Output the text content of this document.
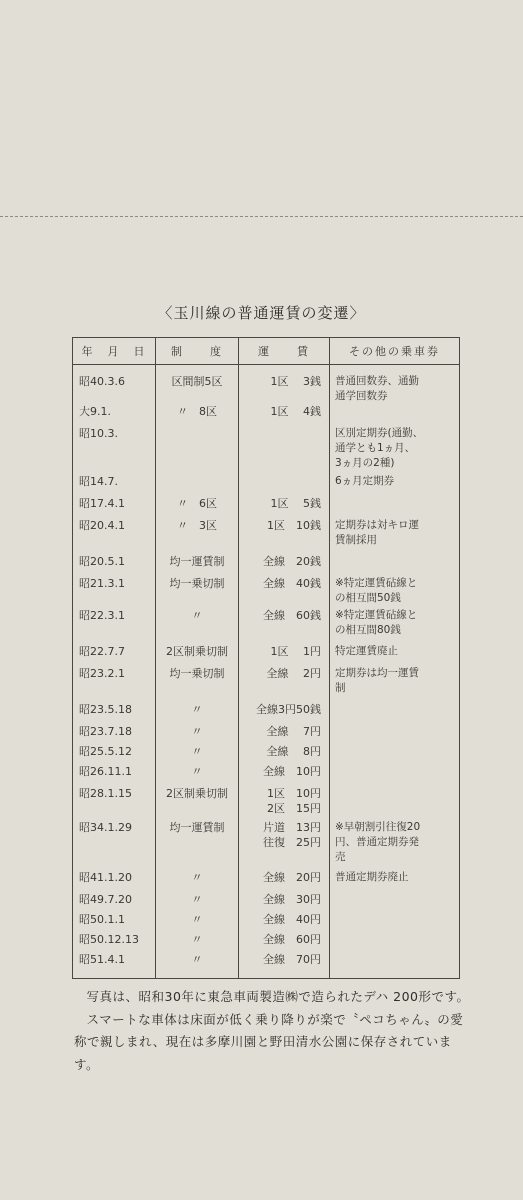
〈玉川線の普通運賃の変遷〉
年　月　日	制　　度	運　　賃	その他の乗車券
昭40.3.6	区間制5区	1区　 3銭	普通回数券、通勤
通学回数券
大9.1.	〃　8区	1区　 4銭	
昭10.3.			区別定期券(通勤、
通学とも1ヵ月、
3ヵ月の2種)
昭14.7.			6ヵ月定期券
昭17.4.1	〃　6区	1区　 5銭	
昭20.4.1	〃　3区	1区　10銭	定期券は対キロ運
賃制採用
昭20.5.1	均一運賃制	全線　20銭	
昭21.3.1	均一乗切制	全線　40銭	※特定運賃砧線と
の相互間50銭
昭22.3.1	〃	全線　60銭	※特定運賃砧線と
の相互間80銭
昭22.7.7	2区制乗切制	1区　 1円	特定運賃廃止
昭23.2.1	均一乗切制	全線　 2円	定期券は均一運賃
制
昭23.5.18	〃	全線3円50銭	
昭23.7.18	〃	全線　 7円	
昭25.5.12	〃	全線　 8円	
昭26.11.1	〃	全線　10円	
昭28.1.15	2区制乗切制	1区　10円
2区　15円	
昭34.1.29	均一運賃制	片道　13円
往復　25円	※早朝割引往復20
円、普通定期券発
売
昭41.1.20	〃	全線　20円	普通定期券廃止
昭49.7.20	〃	全線　30円	
昭50.1.1	〃	全線　40円	
昭50.12.13	〃	全線　60円	
昭51.4.1	〃	全線　70円	

写真は、昭和30年に東急車両製造㈱で造られたデハ 200形です。

スマートな車体は床面が低く乗り降りが楽で〝ペコちゃん〟の愛称で親しまれ、現在は多摩川園と野田清水公園に保存されています。
